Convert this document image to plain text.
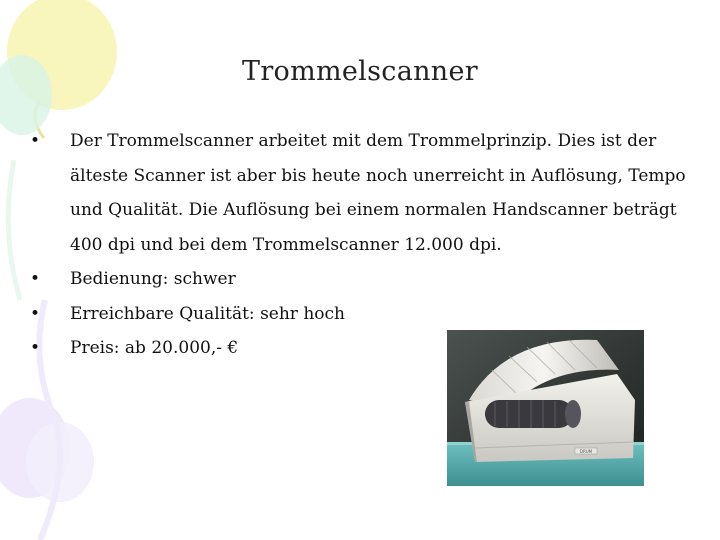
Trommelscanner
•	Der Trommelscanner arbeitet mit dem Trommelprinzip. Dies ist der älteste Scanner ist aber bis heute noch unerreicht in Auflösung, Tempo und Qualität. Die Auflösung bei einem normalen Handscanner beträgt 400 dpi und bei dem Trommelscanner 12.000 dpi.
•	Bedienung: schwer
•	Erreichbare Qualität: sehr hoch
•	Preis: ab 20.000,- €
DRUM
